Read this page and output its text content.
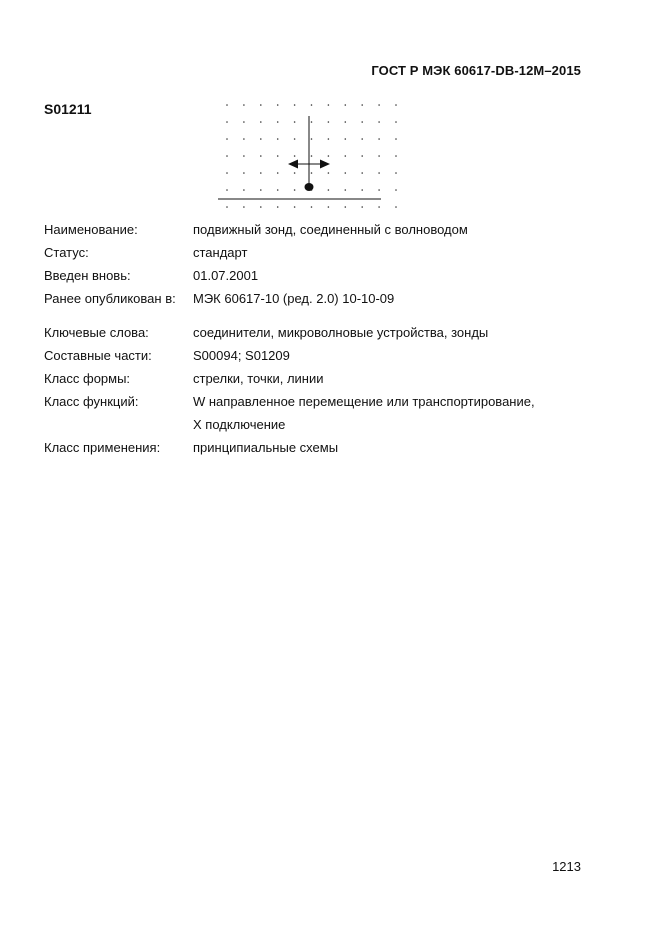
ГОСТ Р МЭК 60617-DB-12M–2015
S01211
Наименование:	подвижный зонд, соединенный с волноводом
Статус:	стандарт
Введен вновь:	01.07.2001
Ранее опубликован в:	МЭК 60617-10 (ред. 2.0) 10-10-09
Ключевые слова:	соединители, микроволновые устройства, зонды
Составные части:	S00094; S01209
Класс формы:	стрелки, точки, линии
Класс функций:	W направленное перемещение или транспортирование,
X подключение
Класс применения:	принципиальные схемы
1213
